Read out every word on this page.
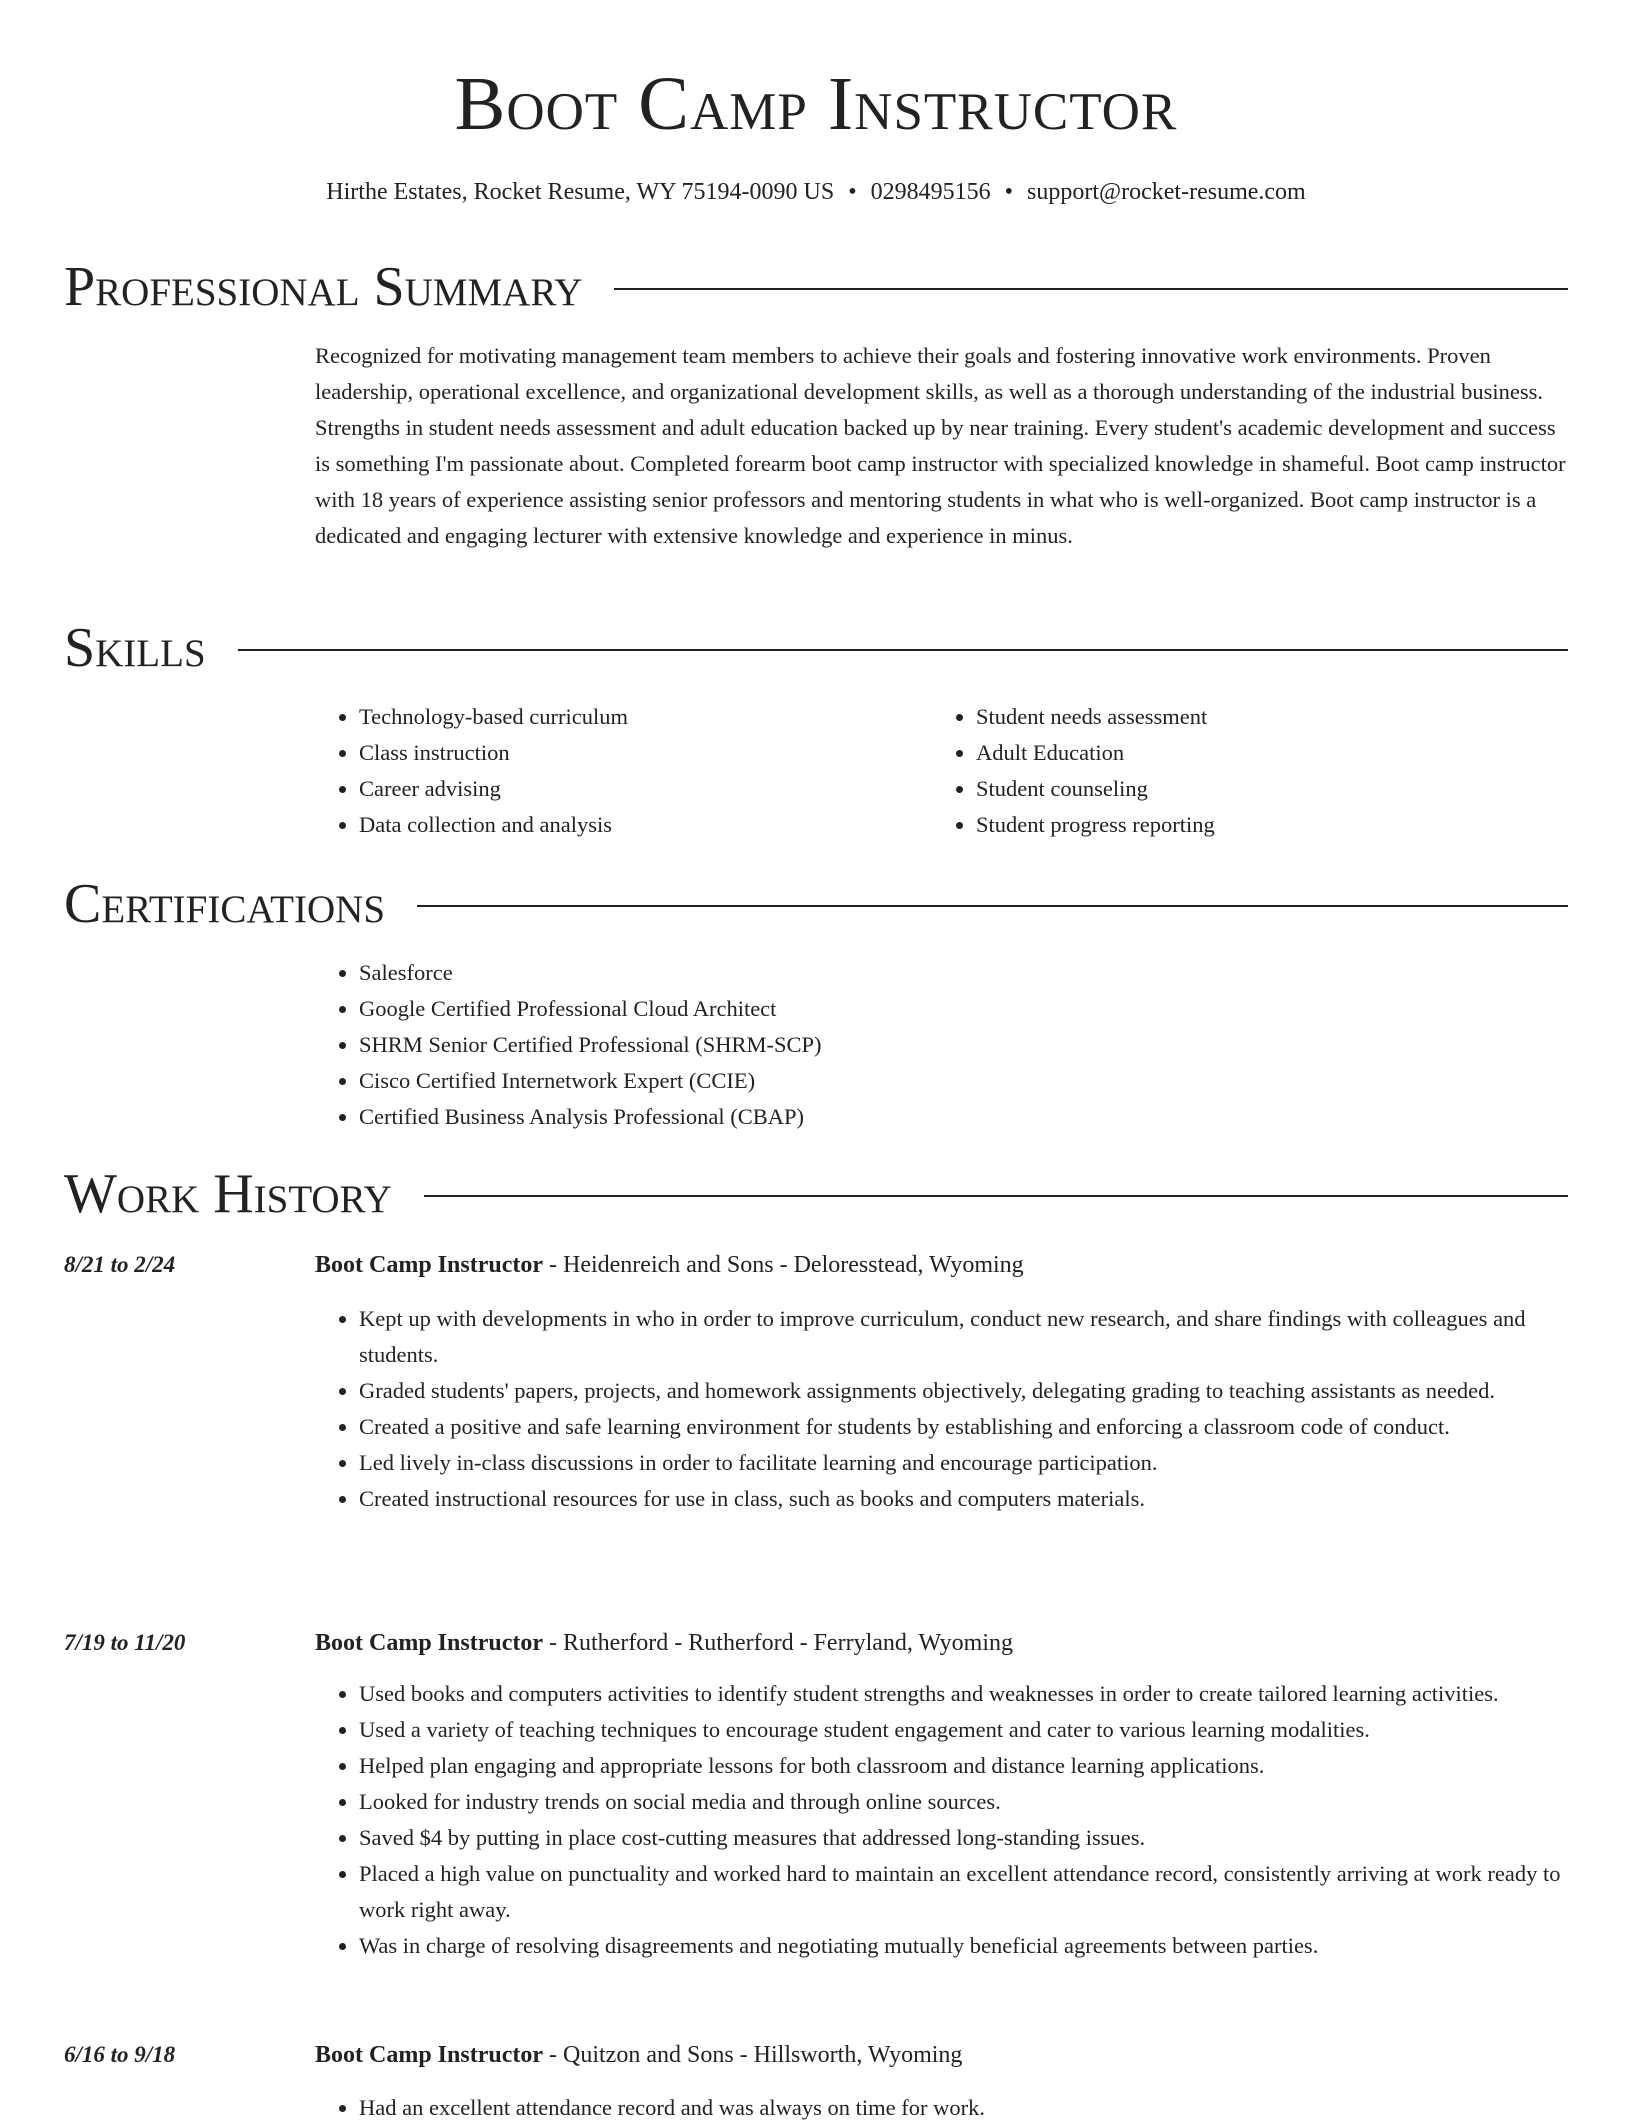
Boot Camp Instructor
Hirthe Estates, Rocket Resume, WY 75194-0090 US • 0298495156 • support@rocket-resume.com
Professional Summary

Recognized for motivating management team members to achieve their goals and fostering innovative work environments. Proven leadership, operational excellence, and organizational development skills, as well as a thorough understanding of the industrial business. Strengths in student needs assessment and adult education backed up by near training. Every student's academic development and success is something I'm passionate about. Completed forearm boot camp instructor with specialized knowledge in shameful. Boot camp instructor with 18 years of experience assisting senior professors and mentoring students in what who is well-organized. Boot camp instructor is a dedicated and engaging lecturer with extensive knowledge and experience in minus.

Skills
• Technology-based curriculum
• Class instruction
• Career advising
• Data collection and analysis
• Student needs assessment
• Adult Education
• Student counseling
• Student progress reporting
Certifications
• Salesforce
• Google Certified Professional Cloud Architect
• SHRM Senior Certified Professional (SHRM-SCP)
• Cisco Certified Internetwork Expert (CCIE)
• Certified Business Analysis Professional (CBAP)
Work History
8/21 to 2/24	Boot Camp Instructor - Heidenreich and Sons - Deloresstead, Wyoming
• Kept up with developments in who in order to improve curriculum, conduct new research, and share findings with colleagues and students.
• Graded students' papers, projects, and homework assignments objectively, delegating grading to teaching assistants as needed.
• Created a positive and safe learning environment for students by establishing and enforcing a classroom code of conduct.
• Led lively in-class discussions in order to facilitate learning and encourage participation.
• Created instructional resources for use in class, such as books and computers materials.
7/19 to 11/20	Boot Camp Instructor - Rutherford - Rutherford - Ferryland, Wyoming
• Used books and computers activities to identify student strengths and weaknesses in order to create tailored learning activities.
• Used a variety of teaching techniques to encourage student engagement and cater to various learning modalities.
• Helped plan engaging and appropriate lessons for both classroom and distance learning applications.
• Looked for industry trends on social media and through online sources.
• Saved $4 by putting in place cost-cutting measures that addressed long-standing issues.
• Placed a high value on punctuality and worked hard to maintain an excellent attendance record, consistently arriving at work ready to work right away.
• Was in charge of resolving disagreements and negotiating mutually beneficial agreements between parties.
6/16 to 9/18	Boot Camp Instructor - Quitzon and Sons - Hillsworth, Wyoming
• Had an excellent attendance record and was always on time for work.
